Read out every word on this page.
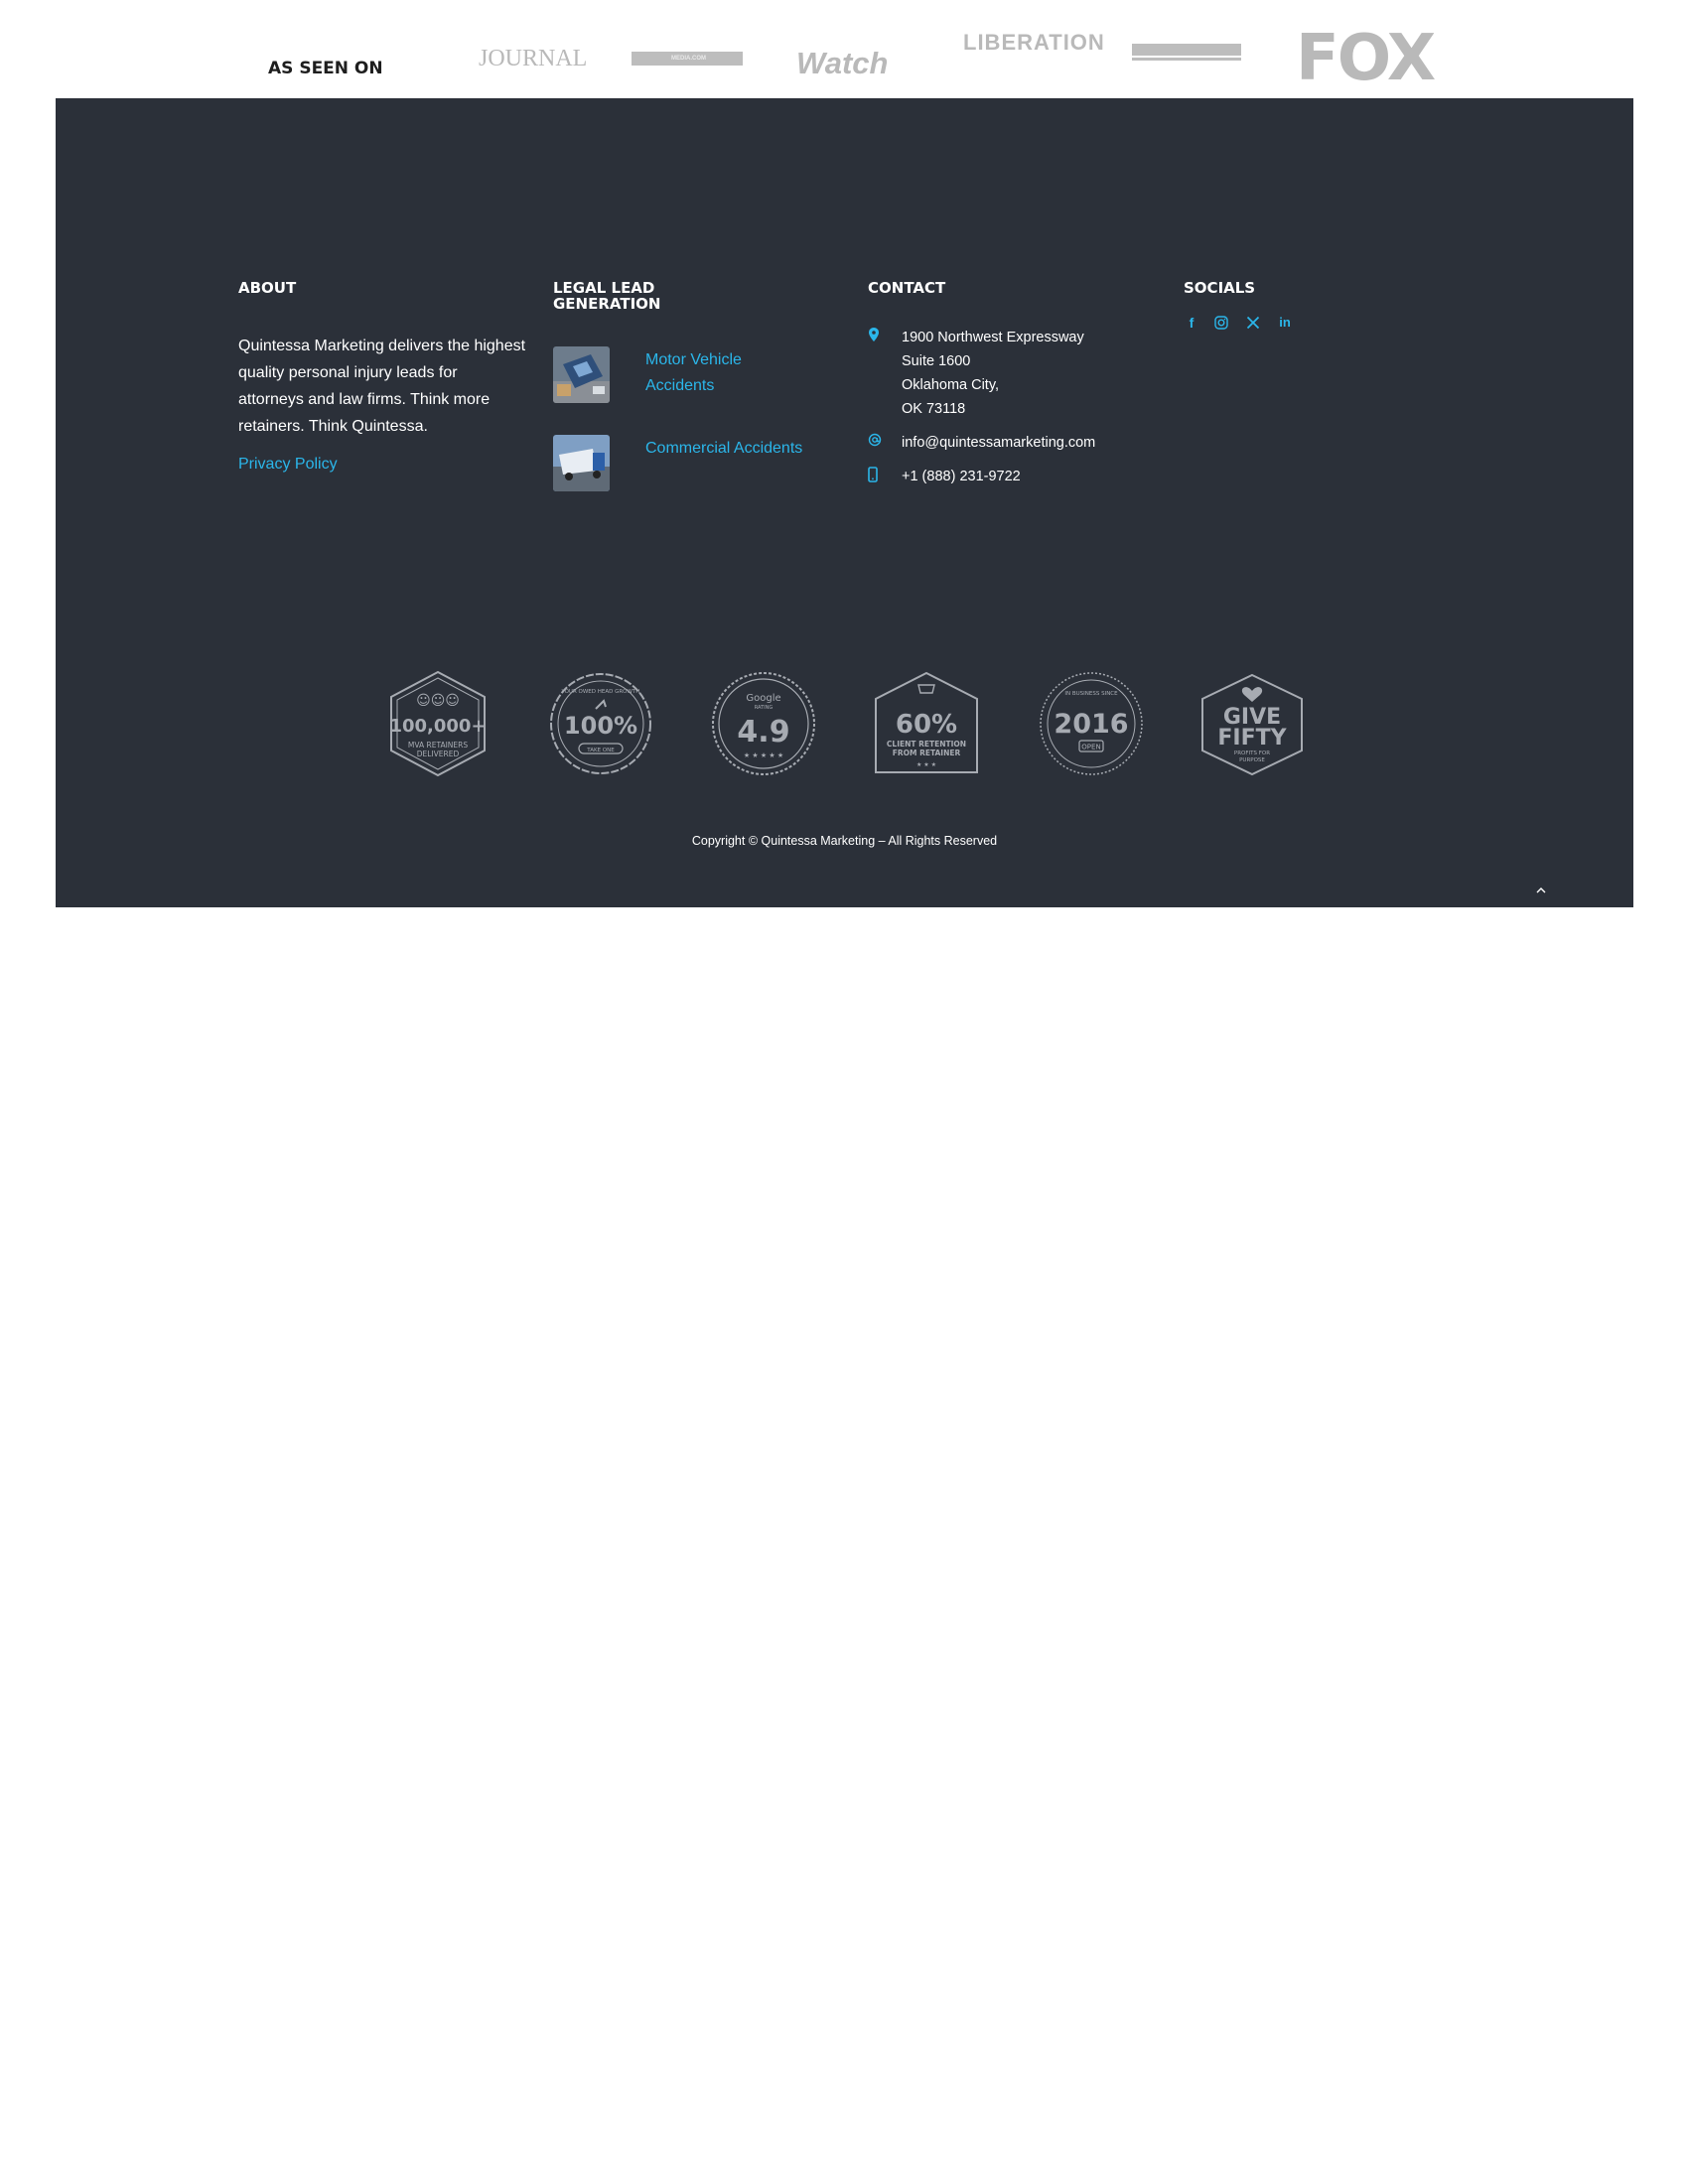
AS SEEN ON	JOURNAL	MEDIA.COM	Watch
LIBERATION	FOX
ABOUT
Quintessa Marketing delivers the highest quality personal injury leads for attorneys and law firms. Think more retainers. Think Quintessa.
Privacy Policy
LEGAL LEAD
GENERATION
Motor Vehicle
Accidents
Commercial Accidents
CONTACT
1900 Northwest Expressway
Suite 1600
Oklahoma City,
OK 73118
info@quintessamarketing.com
+1 (888) 231-9722
SOCIALS
f	in
☺☺☺
100,000+
MVA RETAINERS
DELIVERED
YOUR OWED HEAD GROWTH
100%
TAKE ONE
Google
RATING
4.9
★ ★ ★ ★ ★
60%
CLIENT RETENTION
FROM RETAINER
★ ★ ★
IN BUSINESS SINCE
2016
OPEN
GIVE
FIFTY
PROFITS FOR
PURPOSE
Copyright © Quintessa Marketing – All Rights Reserved
